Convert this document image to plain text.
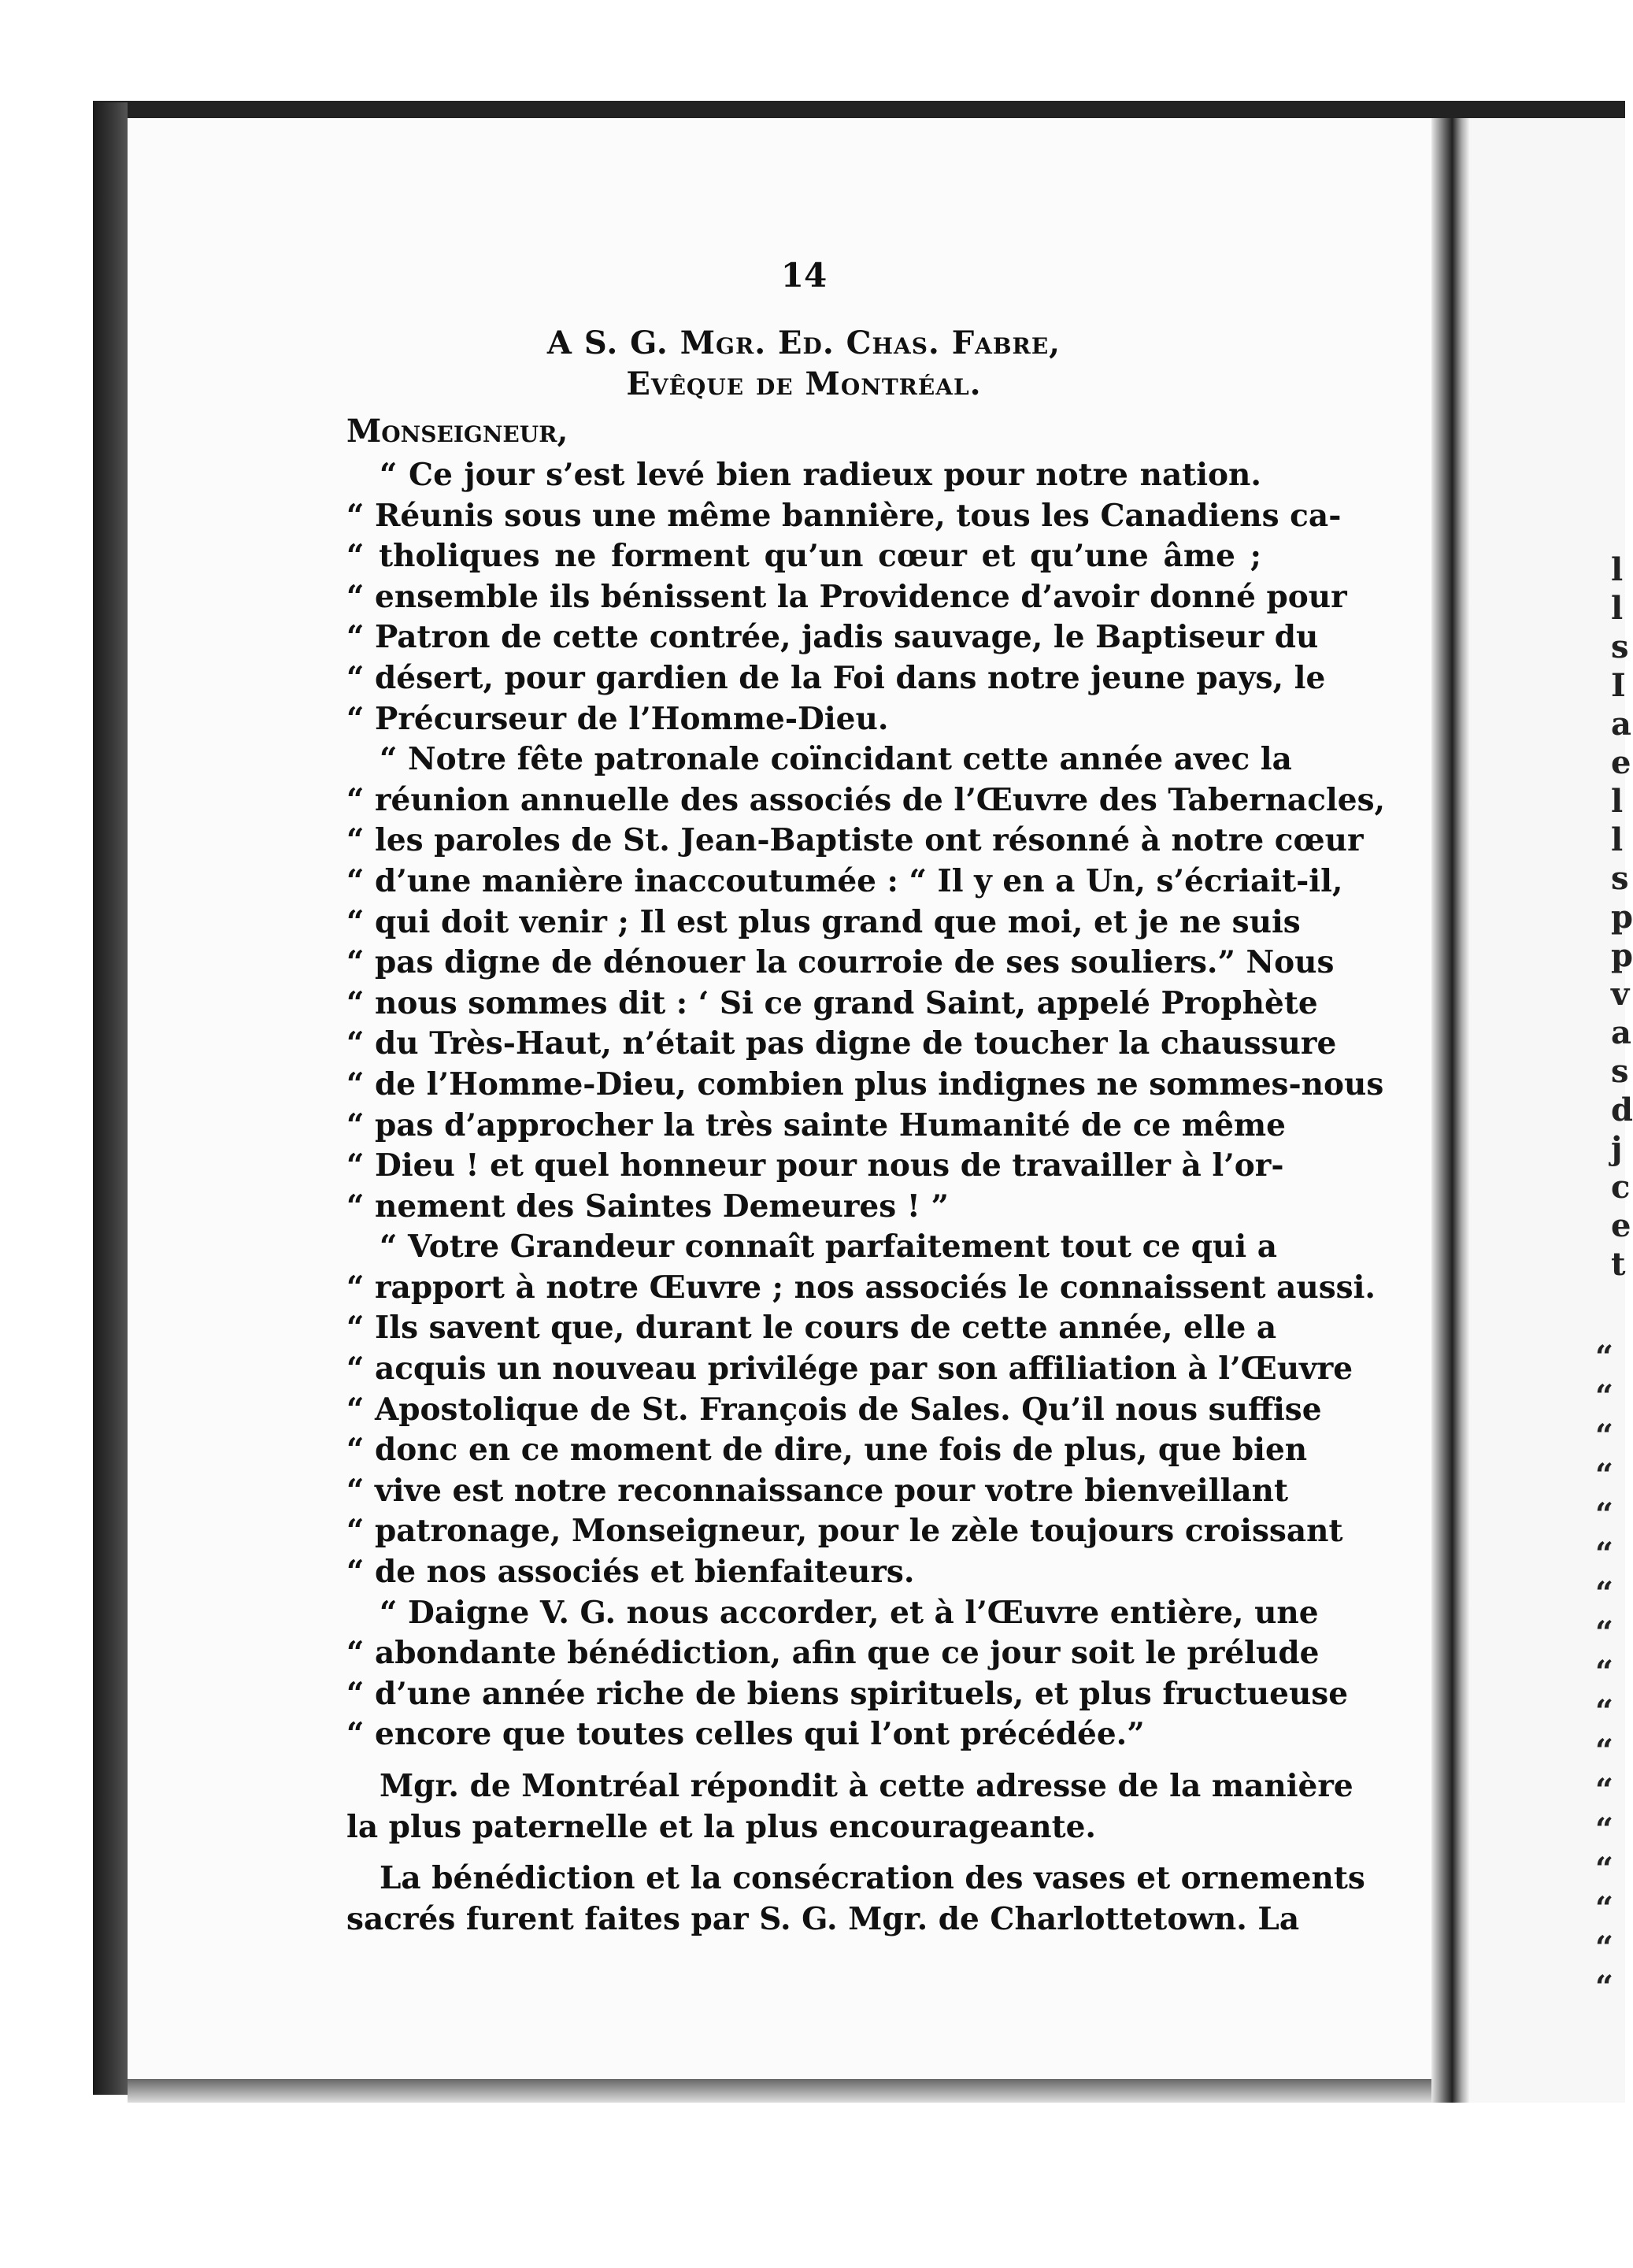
14
A S. G. Mgr. Ed. Chas. Fabre,
Evêque de Montréal.
Monseigneur,
“ Ce jour s’est levé bien radieux pour notre nation.
“ Réunis sous une même bannière, tous les Canadiens ca-
“ tholiques ne forment qu’un cœur et qu’une âme ;
“ ensemble ils bénissent la Providence d’avoir donné pour
“ Patron de cette contrée, jadis sauvage, le Baptiseur du
“ désert, pour gardien de la Foi dans notre jeune pays, le
“ Précurseur de l’Homme-Dieu.
“ Notre fête patronale coïncidant cette année avec la
“ réunion annuelle des associés de l’Œuvre des Tabernacles,
“ les paroles de St. Jean-Baptiste ont résonné à notre cœur
“ d’une manière inaccoutumée : “ Il y en a Un, s’écriait-il,
“ qui doit venir ; Il est plus grand que moi, et je ne suis
“ pas digne de dénouer la courroie de ses souliers.” Nous
“ nous sommes dit : ‘ Si ce grand Saint, appelé Prophète
“ du Très-Haut, n’était pas digne de toucher la chaussure
“ de l’Homme-Dieu, combien plus indignes ne sommes-nous
“ pas d’approcher la très sainte Humanité de ce même
“ Dieu ! et quel honneur pour nous de travailler à l’or-
“ nement des Saintes Demeures ! ”
“ Votre Grandeur connaît parfaitement tout ce qui a
“ rapport à notre Œuvre ; nos associés le connaissent aussi.
“ Ils savent que, durant le cours de cette année, elle a
“ acquis un nouveau privilége par son affiliation à l’Œuvre
“ Apostolique de St. François de Sales. Qu’il nous suffise
“ donc en ce moment de dire, une fois de plus, que bien
“ vive est notre reconnaissance pour votre bienveillant
“ patronage, Monseigneur, pour le zèle toujours croissant
“ de nos associés et bienfaiteurs.
“ Daigne V. G. nous accorder, et à l’Œuvre entière, une
“ abondante bénédiction, afin que ce jour soit le prélude
“ d’une année riche de biens spirituels, et plus fructueuse
“ encore que toutes celles qui l’ont précédée.”
Mgr. de Montréal répondit à cette adresse de la manière
la plus paternelle et la plus encourageante.
La bénédiction et la consécration des vases et ornements
sacrés furent faites par S. G. Mgr. de Charlottetown. La
l
l
s
I
a
e
l
l
s
p
p
v
a
s
d
j
c
e
t
“
“
“
“
“
“
“
“
“
“
“
“
“
“
“
“
“
